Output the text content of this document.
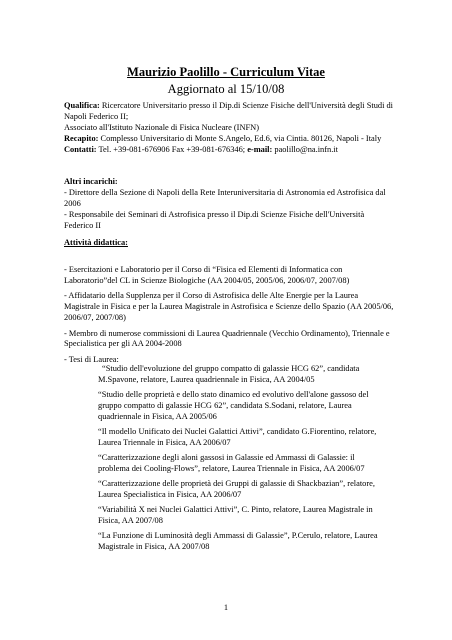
Maurizio Paolillo - Curriculum Vitae
Aggiornato al 15/10/08

Qualifica: Ricercatore Universitario presso il Dip.di Scienze Fisiche dell'Università degli Studi di Napoli Federico II;

Associato all'Istituto Nazionale di Fisica Nucleare (INFN)

Recapito: Complesso Universitario di Monte S.Angelo, Ed.6, via Cintia. 80126, Napoli - Italy

Contatti: Tel. +39-081-676906 Fax +39-081-676346; e-mail: paolillo@na.infn.it

Altri incarichi:

- Direttore della Sezione di Napoli della Rete Interuniversitaria di Astronomia ed Astrofisica dal 2006

- Responsabile dei Seminari di Astrofisica presso il Dip.di Scienze Fisiche dell'Università Federico II

Attività didattica:

- Esercitazioni e Laboratorio per il Corso di “Fisica ed Elementi di Informatica con Laboratorio”del CL in Scienze Biologiche (AA 2004/05, 2005/06, 2006/07, 2007/08)

- Affidatario della Supplenza per il Corso di Astrofisica delle Alte Energie per la Laurea Magistrale in Fisica e per la Laurea Magistrale in Astrofisica e Scienze dello Spazio (AA 2005/06, 2006/07, 2007/08)

- Membro di numerose commissioni di Laurea Quadriennale (Vecchio Ordinamento), Triennale e Specialistica per gli AA 2004-2008

- Tesi di Laurea:

“Studio dell'evoluzione del gruppo compatto di galassie HCG 62”, candidata M.Spavone, relatore, Laurea quadriennale in Fisica, AA 2004/05

“Studio delle proprietà e dello stato dinamico ed evolutivo dell'alone gassoso del gruppo compatto di galassie HCG 62”, candidata S.Sodani, relatore, Laurea quadriennale in Fisica, AA 2005/06

“Il modello Unificato dei Nuclei Galattici Attivi”, candidato G.Fiorentino, relatore, Laurea Triennale in Fisica, AA 2006/07

“Caratterizzazione degli aloni gassosi in Galassie ed Ammassi di Galassie: il problema dei Cooling-Flows”, relatore, Laurea Triennale in Fisica, AA 2006/07

“Caratterizzazione delle proprietà dei Gruppi di galassie di Shackbazian”, relatore, Laurea Specialistica in Fisica, AA 2006/07

“Variabilità X nei Nuclei Galattici Attivi”, C. Pinto, relatore, Laurea Magistrale in Fisica, AA 2007/08

“La Funzione di Luminosità degli Ammassi di Galassie”, P.Cerulo, relatore, Laurea Magistrale in Fisica, AA 2007/08

1
